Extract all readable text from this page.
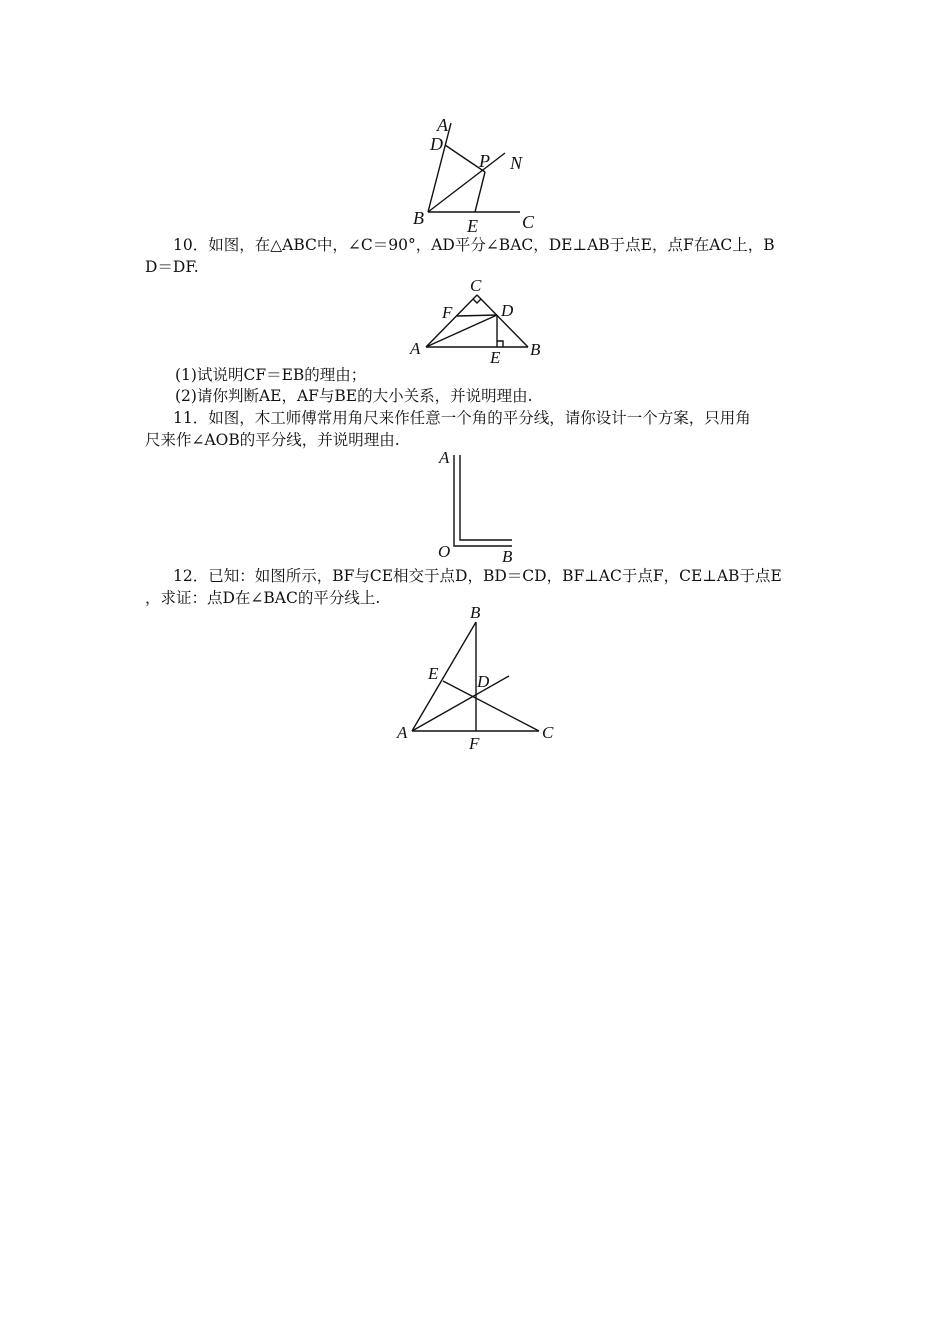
A
D
P N
B E C
10．如图，在△ABC中，∠C＝90°，AD平分∠BAC，DE⊥AB于点E，点F在AC上，B
D＝DF.
C
F	D
A	E B
(1)试说明CF＝EB的理由；
(2)请你判断AE，AF与BE的大小关系，并说明理由.
11．如图，木工师傅常用角尺来作任意一个角的平分线，请你设计一个方案，只用角
尺来作∠AOB的平分线，并说明理由.
A
O	B
12．已知：如图所示，BF与CE相交于点D，BD＝CD，BF⊥AC于点F，CE⊥AB于点E
，求证：点D在∠BAC的平分线上.
B
E D
A
F
C
